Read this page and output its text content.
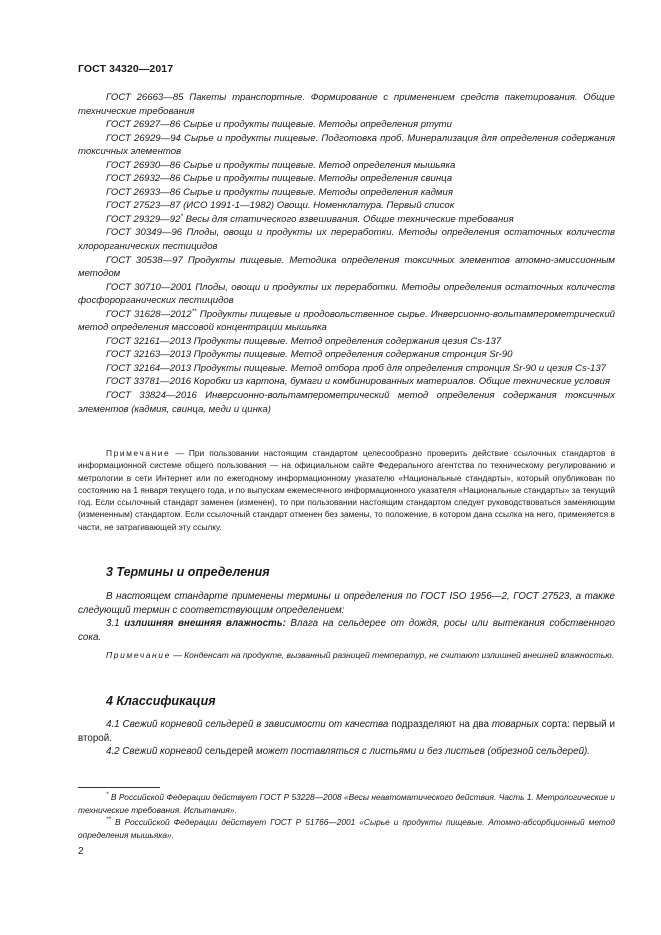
ГОСТ 34320—2017

ГОСТ 26663—85 Пакеты транспортные. Формирование с применением средств пакетирования. Общие технические требования

ГОСТ 26927—86 Сырье и продукты пищевые. Методы определения ртути

ГОСТ 26929—94 Сырье и продукты пищевые. Подготовка проб. Минерализация для определения содержания токсичных элементов

ГОСТ 26930—86 Сырье и продукты пищевые. Метод определения мышьяка

ГОСТ 26932—86 Сырье и продукты пищевые. Методы определения свинца

ГОСТ 26933—86 Сырье и продукты пищевые. Методы определения кадмия

ГОСТ 27523—87 (ИСО 1991-1—1982) Овощи. Номенклатура. Первый список

ГОСТ 29329—92* Весы для статического взвешивания. Общие технические требования

ГОСТ 30349—96 Плоды, овощи и продукты их переработки. Методы определения остаточных количеств хлорорганических пестицидов

ГОСТ 30538—97 Продукты пищевые. Методика определения токсичных элементов атомно-эмиссионным методом

ГОСТ 30710—2001 Плоды, овощи и продукты их переработки. Методы определения остаточных количеств фосфорорганических пестицидов

ГОСТ 31628—2012** Продукты пищевые и продовольственное сырье. Инверсионно-вольтамперометрический метод определения массовой концентрации мышьяка

ГОСТ 32161—2013 Продукты пищевые. Метод определения содержания цезия Cs-137

ГОСТ 32163—2013 Продукты пищевые. Метод определения содержания стронция Sr-90

ГОСТ 32164—2013 Продукты пищевые. Метод отбора проб для определения стронция Sr-90 и цезия Cs-137

ГОСТ 33781—2016 Коробки из картона, бумаги и комбинированных материалов. Общие технические условия

ГОСТ 33824—2016 Инверсионно-вольтамперометрический метод определения содержания токсичных элементов (кадмия, свинца, меди и цинка)

Примечание — При пользовании настоящим стандартом целесообразно проверить действие ссылочных стандартов в информационной системе общего пользования — на официальном сайте Федерального агентства по техническому регулированию и метрологии в сети Интернет или по ежегодному информационному указателю «Национальные стандарты», который опубликован по состоянию на 1 января текущего года, и по выпускам ежемесячного информационного указателя «Национальные стандарты» за текущий год. Если ссылочный стандарт заменен (изменен), то при пользовании настоящим стандартом следует руководствоваться заменяющим (измененным) стандартом. Если ссылочный стандарт отменен без замены, то положение, в котором дана ссылка на него, применяется в части, не затрагивающей эту ссылку.

3 Термины и определения

В настоящем стандарте применены термины и определения по ГОСТ ISO 1956—2, ГОСТ 27523, а также следующий термин с соответствующим определением:

3.1 излишняя внешняя влажность: Влага на сельдерее от дождя, росы или вытекания собственного сока.

Примечание — Конденсат на продукте, вызванный разницей температур, не считают излишней внешней влажностью.

4 Классификация

4.1 Свежий корневой сельдерей в зависимости от качества подразделяют на два товарных сорта: первый и второй.

4.2 Свежий корневой сельдерей может поставляться с листьями и без листьев (обрезной сельдерей).

* В Российской Федерации действует ГОСТ Р 53228—2008 «Весы неавтоматического действия. Часть 1. Метрологические и технические требования. Испытания».

** В Российской Федерации действует ГОСТ Р 51766—2001 «Сырье и продукты пищевые. Атомно-абсорбционный метод определения мышьяка».

2
